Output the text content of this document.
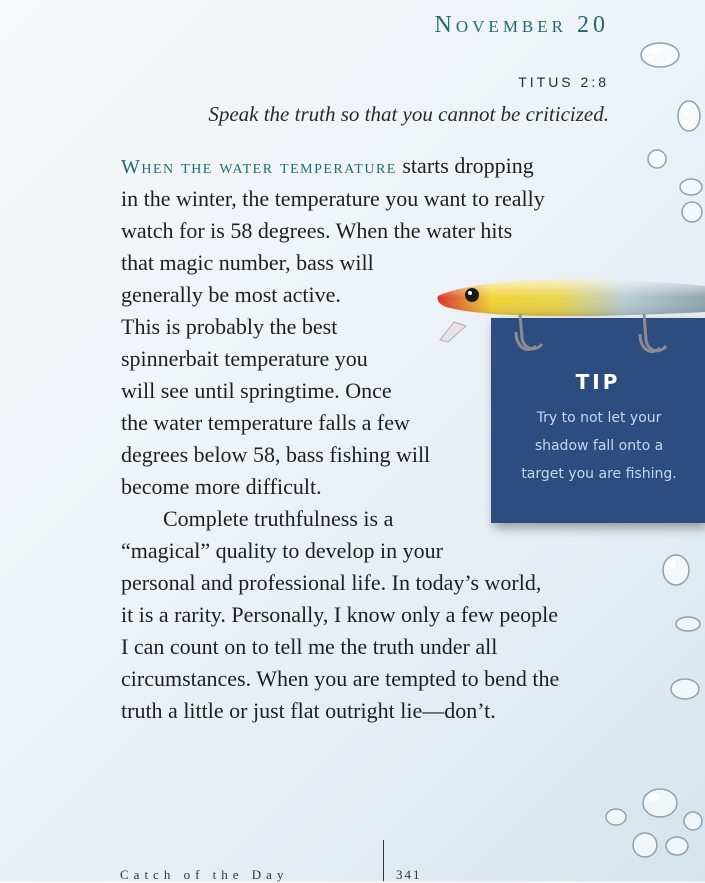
November 20
TITUS 2:8
Speak the truth so that you cannot be criticized.
When the water temperature starts dropping
in the winter, the temperature you want to really
watch for is 58 degrees. When the water hits
that magic number, bass will
generally be most active.
This is probably the best
spinnerbait temperature you
will see until springtime. Once
the water temperature falls a few
degrees below 58, bass fishing will
become more difficult.
Complete truthfulness is a
“magical” quality to develop in your
personal and professional life. In today’s world,
it is a rarity. Personally, I know only a few people
I can count on to tell me the truth under all
circumstances. When you are tempted to bend the
truth a little or just flat outright lie—don’t.
TIP
Try to not let your
shadow fall onto a
target you are fishing.
Catch of the Day	341
